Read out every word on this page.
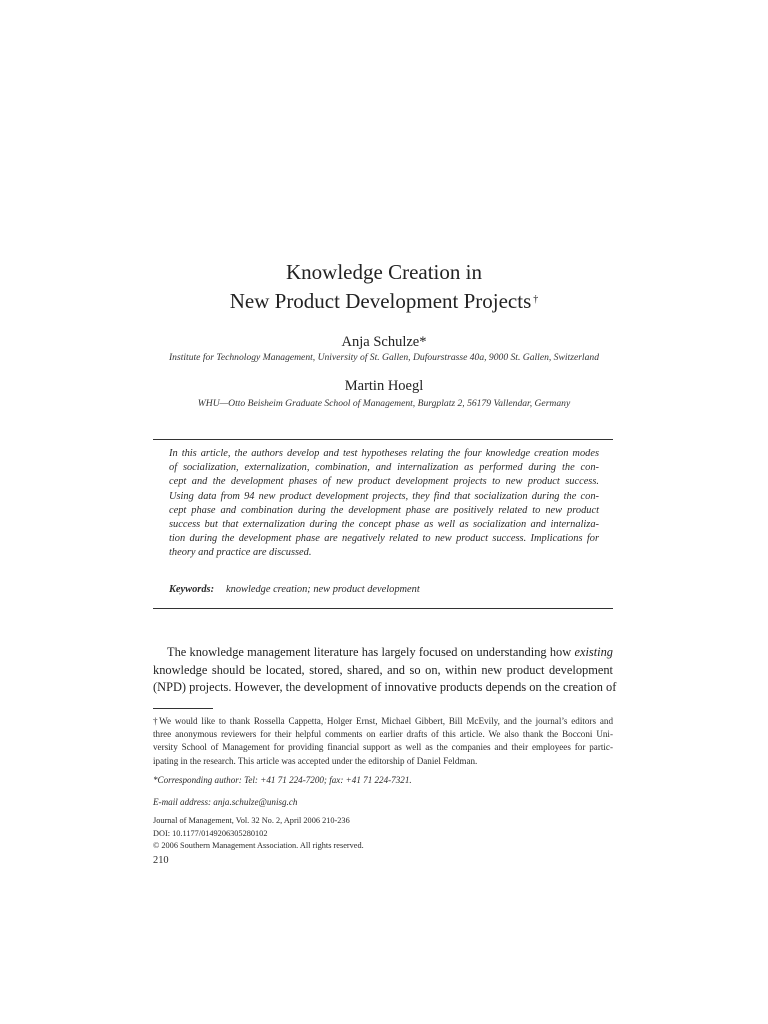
Knowledge Creation in
New Product Development Projects †
Anja Schulze*
Institute for Technology Management, University of St. Gallen, Dufourstrasse 40a, 9000 St. Gallen, Switzerland
Martin Hoegl
WHU—Otto Beisheim Graduate School of Management, Burgplatz 2, 56179 Vallendar, Germany
In this article, the authors develop and test hypotheses relating the four knowledge creation modes
of socialization, externalization, combination, and internalization as performed during the con-
cept and the development phases of new product development projects to new product success.
Using data from 94 new product development projects, they find that socialization during the con-
cept phase and combination during the development phase are positively related to new product
success but that externalization during the concept phase as well as socialization and internaliza-
tion during the development phase are negatively related to new product success. Implications for
theory and practice are discussed.
Keywords: knowledge creation; new product development
The knowledge management literature has largely focused on understanding how existing
knowledge should be located, stored, shared, and so on, within new product development
(NPD) projects. However, the development of innovative products depends on the creation of
†We would like to thank Rossella Cappetta, Holger Ernst, Michael Gibbert, Bill McEvily, and the journal’s editors and
three anonymous reviewers for their helpful comments on earlier drafts of this article. We also thank the Bocconi Uni-
versity School of Management for providing financial support as well as the companies and their employees for partic-
ipating in the research. This article was accepted under the editorship of Daniel Feldman.
*Corresponding author: Tel: +41 71 224-7200; fax: +41 71 224-7321.
E-mail address: anja.schulze@unisg.ch
Journal of Management, Vol. 32 No. 2, April 2006 210-236
DOI: 10.1177/0149206305280102
© 2006 Southern Management Association. All rights reserved.
210
